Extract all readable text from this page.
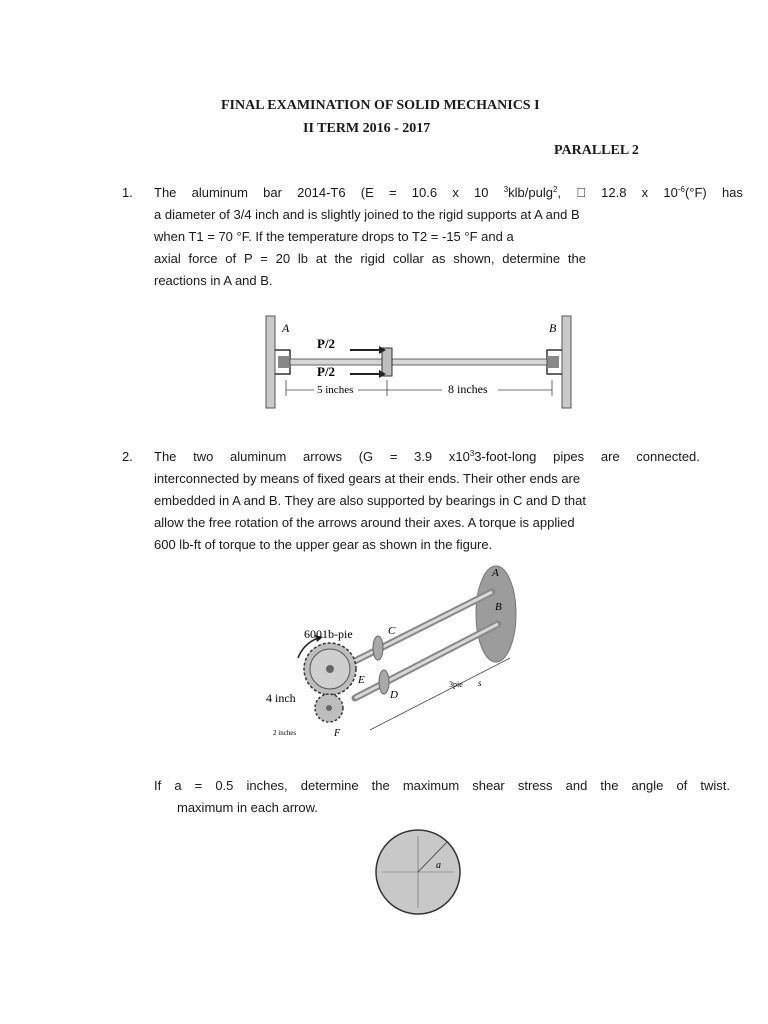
FINAL EXAMINATION OF SOLID MECHANICS I
II TERM 2016 - 2017
PARALLEL 2
1. The aluminum bar 2014-T6 (E = 10.6 x 10 $^3$klb/pulg$^2$ , 12.8 x $10^{-6}(^\circ F)$ has
a diameter of 3/4 inch and is slightly joined to the rigid supports at A and B
when T1 = 70 °F. If the temperature drops to T2 = -15 °F and a
axial force of P = 20 lb at the rigid collar as shown, determine the
reactions in A and B.
A	B
P/2
P/2
5 inches	8 inches
2. The two aluminum arrows (G = 3.9 $x10^33-foot$-long pipes are connected.
interconnected by means of fixed gears at their ends. Their other ends are
embedded in A and B. They are also supported by bearings in C and D that
allow the free rotation of the arrows around their axes. A torque is applied
600 lb-ft of torque to the upper gear as shown in the figure.
A
B
C
D
E
F
6001b-pie
4 inch
2 inches
3pie s
If a = 0.5 inches, determine the maximum shear stress and the angle of twist.
maximum in each arrow.
a
